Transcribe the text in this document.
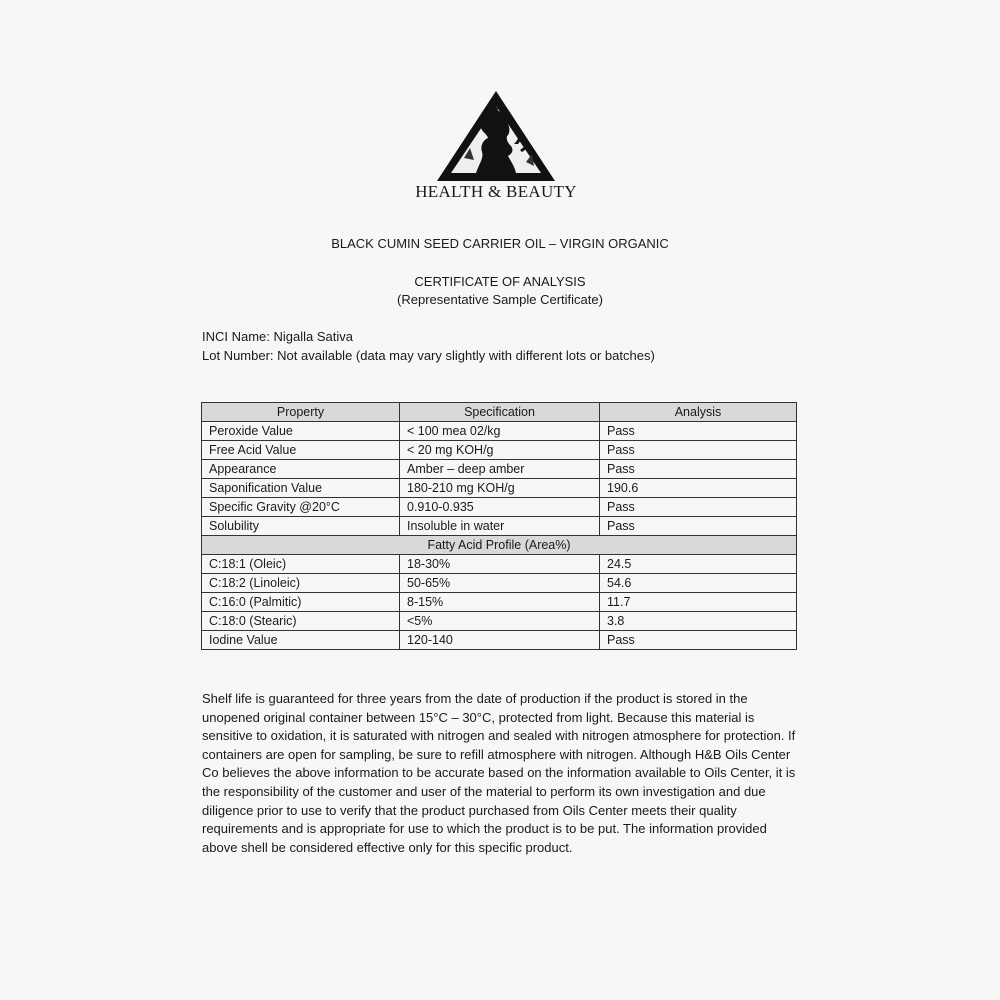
HEALTH & BEAUTY
BLACK CUMIN SEED CARRIER OIL – VIRGIN ORGANIC
CERTIFICATE OF ANALYSIS
(Representative Sample Certificate)
INCI Name: Nigalla Sativa
Lot Number: Not available (data may vary slightly with different lots or batches)
Property	Specification	Analysis
Peroxide Value	< 100 mea 02/kg	Pass
Free Acid Value	< 20 mg KOH/g	Pass
Appearance	Amber – deep amber	Pass
Saponification Value	180-210 mg KOH/g	190.6
Specific Gravity @20°C	0.910-0.935	Pass
Solubility	Insoluble in water	Pass
Fatty Acid Profile (Area%)		
C:18:1 (Oleic)	18-30%	24.5
C:18:2 (Linoleic)	50-65%	54.6
C:16:0 (Palmitic)	8-15%	11.7
C:18:0 (Stearic)	<5%	3.8
Iodine Value	120-140	Pass
Shelf life is guaranteed for three years from the date of production if the product is stored in the unopened original container between 15°C – 30°C, protected from light. Because this material is sensitive to oxidation, it is saturated with nitrogen and sealed with nitrogen atmosphere for protection. If containers are open for sampling, be sure to refill atmosphere with nitrogen. Although H&B Oils Center Co believes the above information to be accurate based on the information available to Oils Center, it is the responsibility of the customer and user of the material to perform its own investigation and due diligence prior to use to verify that the product purchased from Oils Center meets their quality requirements and is appropriate for use to which the product is to be put. The information provided above shell be considered effective only for this specific product.
